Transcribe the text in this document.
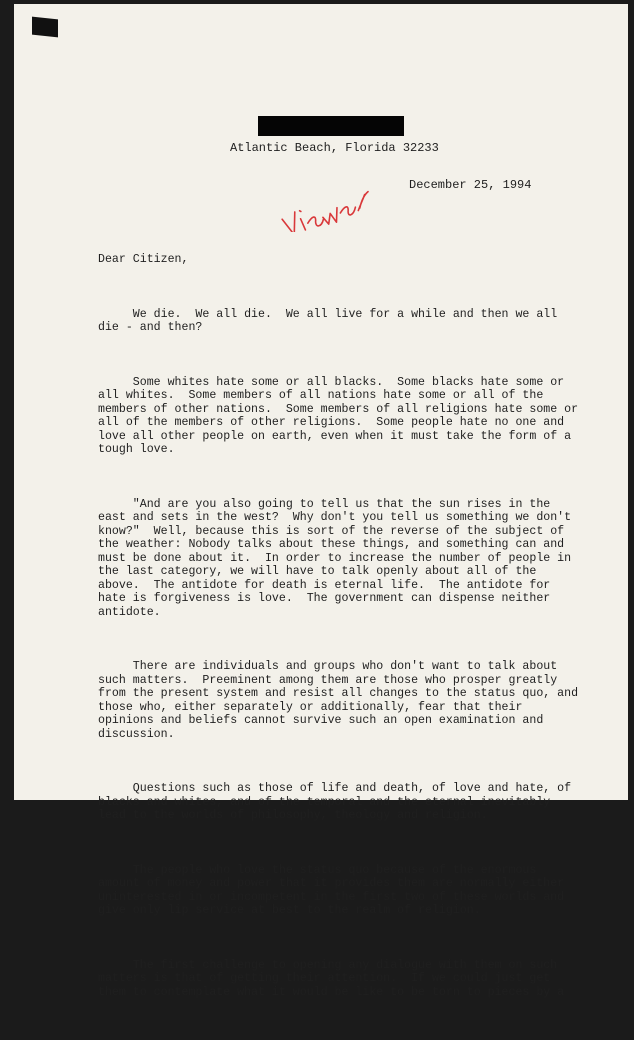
Atlantic Beach, Florida 32233
viewer
December 25, 1994

Dear Citizen,

We die.  We all die.  We all live for a while and then we all
die - and then?

Some whites hate some or all blacks.  Some blacks hate some or
all whites.  Some members of all nations hate some or all of the
members of other nations.  Some members of all religions hate some or
all of the members of other religions.  Some people hate no one and
love all other people on earth, even when it must take the form of a
tough love.

"And are you also going to tell us that the sun rises in the
east and sets in the west?  Why don't you tell us something we don't
know?"  Well, because this is sort of the reverse of the subject of
the weather: Nobody talks about these things, and something can and
must be done about it.  In order to increase the number of people in
the last category, we will have to talk openly about all of the
above.  The antidote for death is eternal life.  The antidote for
hate is forgiveness is love.  The government can dispense neither
antidote.

There are individuals and groups who don't want to talk about
such matters.  Preeminent among them are those who prosper greatly
from the present system and resist all changes to the status quo, and
those who, either separately or additionally, fear that their
opinions and beliefs cannot survive such an open examination and
discussion.

Questions such as those of life and death, of love and hate, of
blacks and whites, and of the temporal and the eternal inevitably
lead to the worlds of philosophy, theology and religion.

The people who love the status quo because of the enormous
amount of money and power that it provides them are normally either
uninterested in or incompetent in the first two of these worlds and
give only lip service at best to the realm of religion.

The first challenge to opening any dialogue with them on such
matters is that of getting their attention.  If we could just get
them to contemplate what it would be like to be torn to pieces by a
